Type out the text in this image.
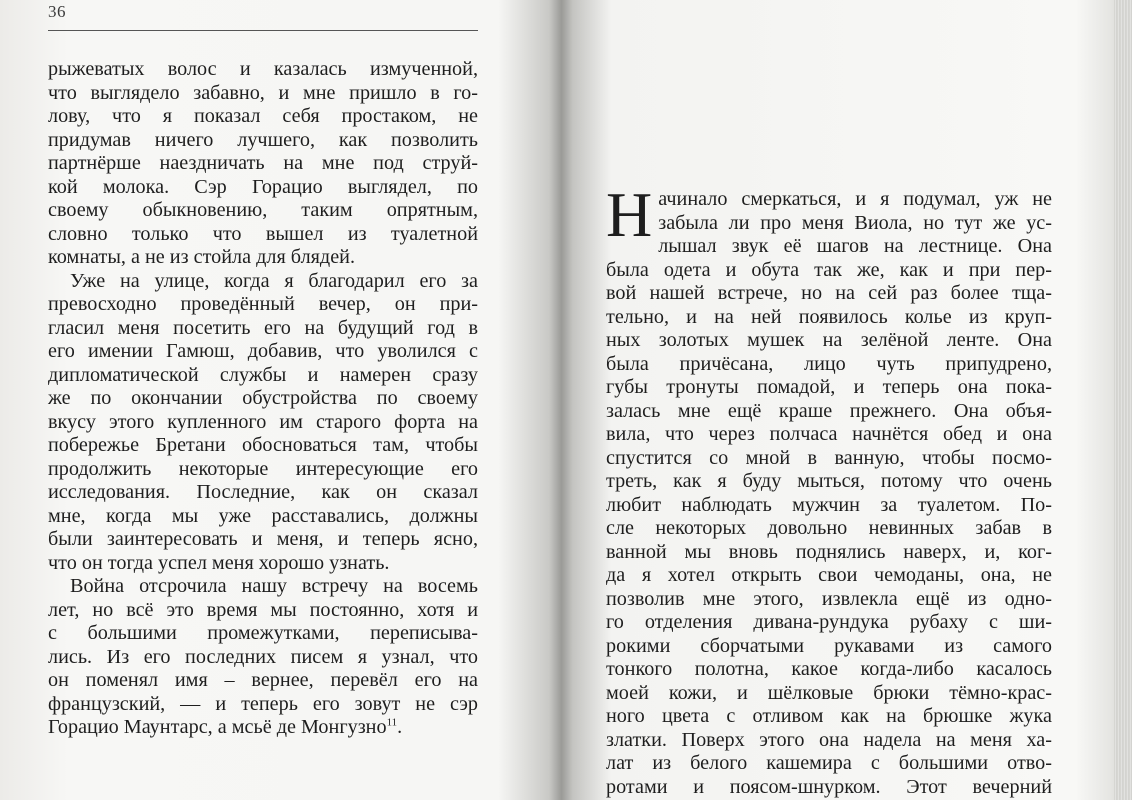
36

рыжеватых волос и казалась измученной,
что выглядело забавно, и мне пришло в го-
лову, что я показал себя простаком, не
придумав ничего лучшего, как позволить
партнёрше наездничать на мне под струй-
кой молока. Сэр Горацио выглядел, по
своему обыкновению, таким опрятным,
словно только что вышел из туалетной
комнаты, а не из стойла для блядей.

Уже на улице, когда я благодарил его за
превосходно проведённый вечер, он при-
гласил меня посетить его на будущий год в
его имении Гамюш, добавив, что уволился с
дипломатической службы и намерен сразу
же по окончании обустройства по своему
вкусу этого купленного им старого форта на
побережье Бретани обосноваться там, чтобы
продолжить некоторые интересующие его
исследования. Последние, как он сказал
мне, когда мы уже расставались, должны
были заинтересовать и меня, и теперь ясно,
что он тогда успел меня хорошо узнать.

Война отсрочила нашу встречу на восемь
лет, но всё это время мы постоянно, хотя и
с большими промежутками, переписыва-
лись. Из его последних писем я узнал, что
он поменял имя – вернее, перевёл его на
французский, — и теперь его зовут не сэр
Горацио Маунтарс, а мсьё де Монгузно$^{11}$.

Н ачинало смеркаться, и я подумал, уж не
забыла ли про меня Виола, но тут же ус-
лышал звук её шагов на лестнице. Она
была одета и обута так же, как и при пер-
вой нашей встрече, но на сей раз более тща-
тельно, и на ней появилось колье из круп-
ных золотых мушек на зелёной ленте. Она
была причёсана, лицо чуть припудрено,
губы тронуты помадой, и теперь она пока-
залась мне ещё краше прежнего. Она объя-
вила, что через полчаса начнётся обед и она
спустится со мной в ванную, чтобы посмо-
треть, как я буду мыться, потому что очень
любит наблюдать мужчин за туалетом. По-
сле некоторых довольно невинных забав в
ванной мы вновь поднялись наверх, и, ког-
да я хотел открыть свои чемоданы, она, не
позволив мне этого, извлекла ещё из одно-
го отделения дивана-рундука рубаху с ши-
рокими сборчатыми рукавами из самого
тонкого полотна, какое когда-либо касалось
моей кожи, и шёлковые брюки тёмно-крас-
ного цвета с отливом как на брюшке жука
златки. Поверх этого она надела на меня ха-
лат из белого кашемира с большими отво-
ротами и поясом-шнурком. Этот вечерний
